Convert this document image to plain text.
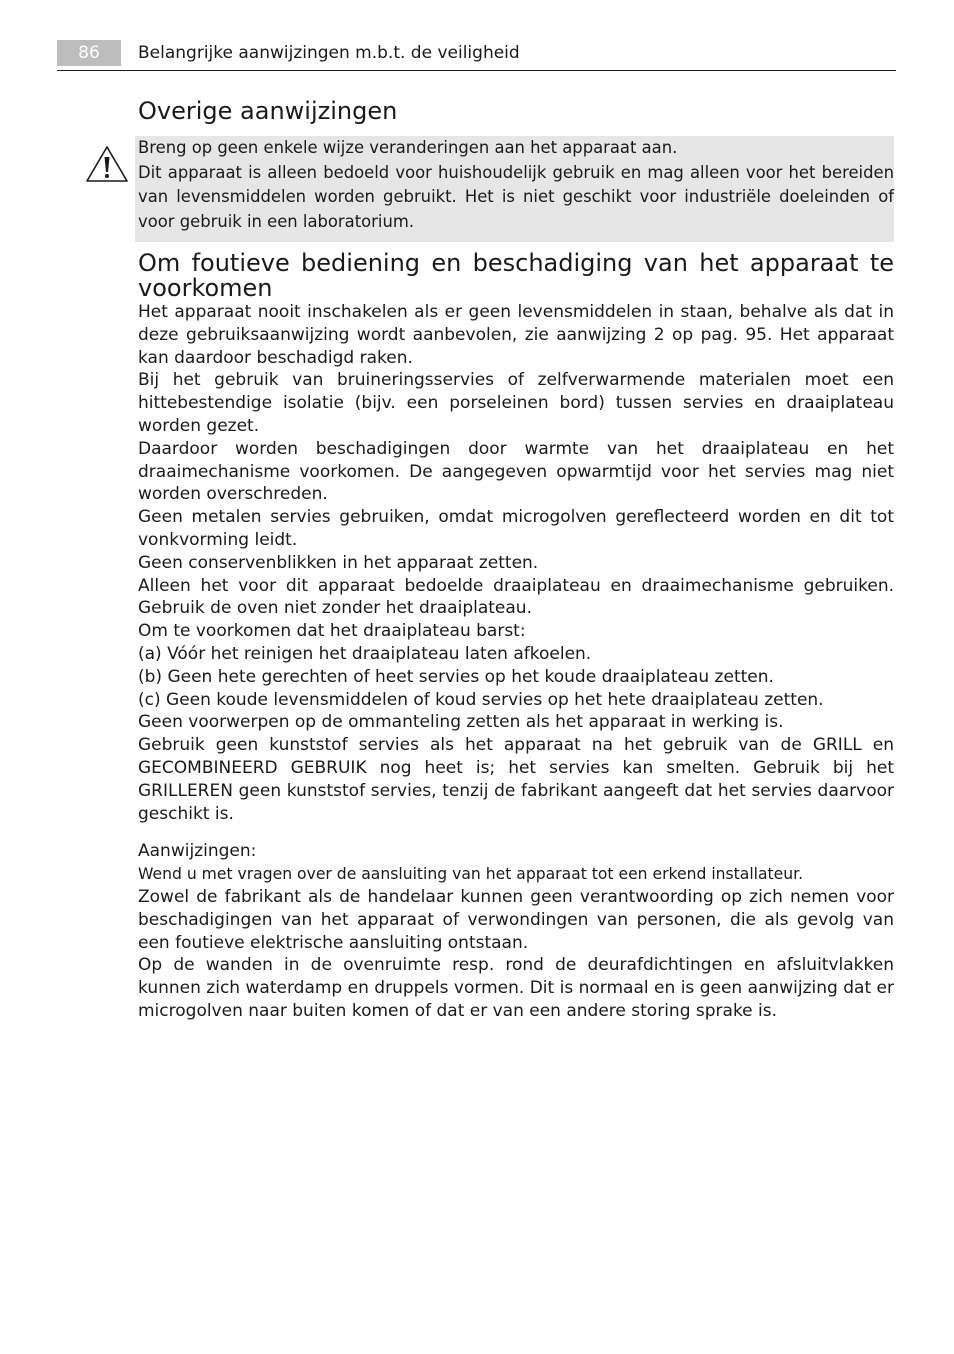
86	Belangrijke aanwijzingen m.b.t. de veiligheid
Overige aanwijzingen

Breng op geen enkele wijze veranderingen aan het apparaat aan.

Dit apparaat is alleen bedoeld voor huishoudelijk gebruik en mag alleen voor het bereiden van levensmiddelen worden gebruikt. Het is niet geschikt voor industriële doeleinden of voor gebruik in een laboratorium.

Om foutieve bediening en beschadiging van het apparaat te voorkomen

Het apparaat nooit inschakelen als er geen levensmiddelen in staan, behalve als dat in deze gebruiksaanwijzing wordt aanbevolen, zie aanwijzing 2 op pag. 95. Het apparaat kan daardoor beschadigd raken.

Bij het gebruik van bruineringsservies of zelfverwarmende materialen moet een hittebestendige isolatie (bijv. een porseleinen bord) tussen servies en draaiplateau worden gezet.

Daardoor worden beschadigingen door warmte van het draaiplateau en het draaimechanisme voorkomen. De aangegeven opwarmtijd voor het servies mag niet worden overschreden.

Geen metalen servies gebruiken, omdat microgolven gereflecteerd worden en dit tot vonkvorming leidt.

Geen conservenblikken in het apparaat zetten.

Alleen het voor dit apparaat bedoelde draaiplateau en draaimechanisme gebruiken. Gebruik de oven niet zonder het draaiplateau.

Om te voorkomen dat het draaiplateau barst:

(a) Vóór het reinigen het draaiplateau laten afkoelen.

(b) Geen hete gerechten of heet servies op het koude draaiplateau zetten.

(c) Geen koude levensmiddelen of koud servies op het hete draaiplateau zetten.

Geen voorwerpen op de ommanteling zetten als het apparaat in werking is.

Gebruik geen kunststof servies als het apparaat na het gebruik van de GRILL en GECOMBINEERD GEBRUIK nog heet is; het servies kan smelten. Gebruik bij het GRILLEREN geen kunststof servies, tenzij de fabrikant aangeeft dat het servies daarvoor geschikt is.

Aanwijzingen:

Wend u met vragen over de aansluiting van het apparaat tot een erkend installateur.

Zowel de fabrikant als de handelaar kunnen geen verantwoording op zich nemen voor beschadigingen van het apparaat of verwondingen van personen, die als gevolg van een foutieve elektrische aansluiting ontstaan.

Op de wanden in de ovenruimte resp. rond de deurafdichtingen en afsluitvlakken kunnen zich waterdamp en druppels vormen. Dit is normaal en is geen aanwijzing dat er microgolven naar buiten komen of dat er van een andere storing sprake is.
